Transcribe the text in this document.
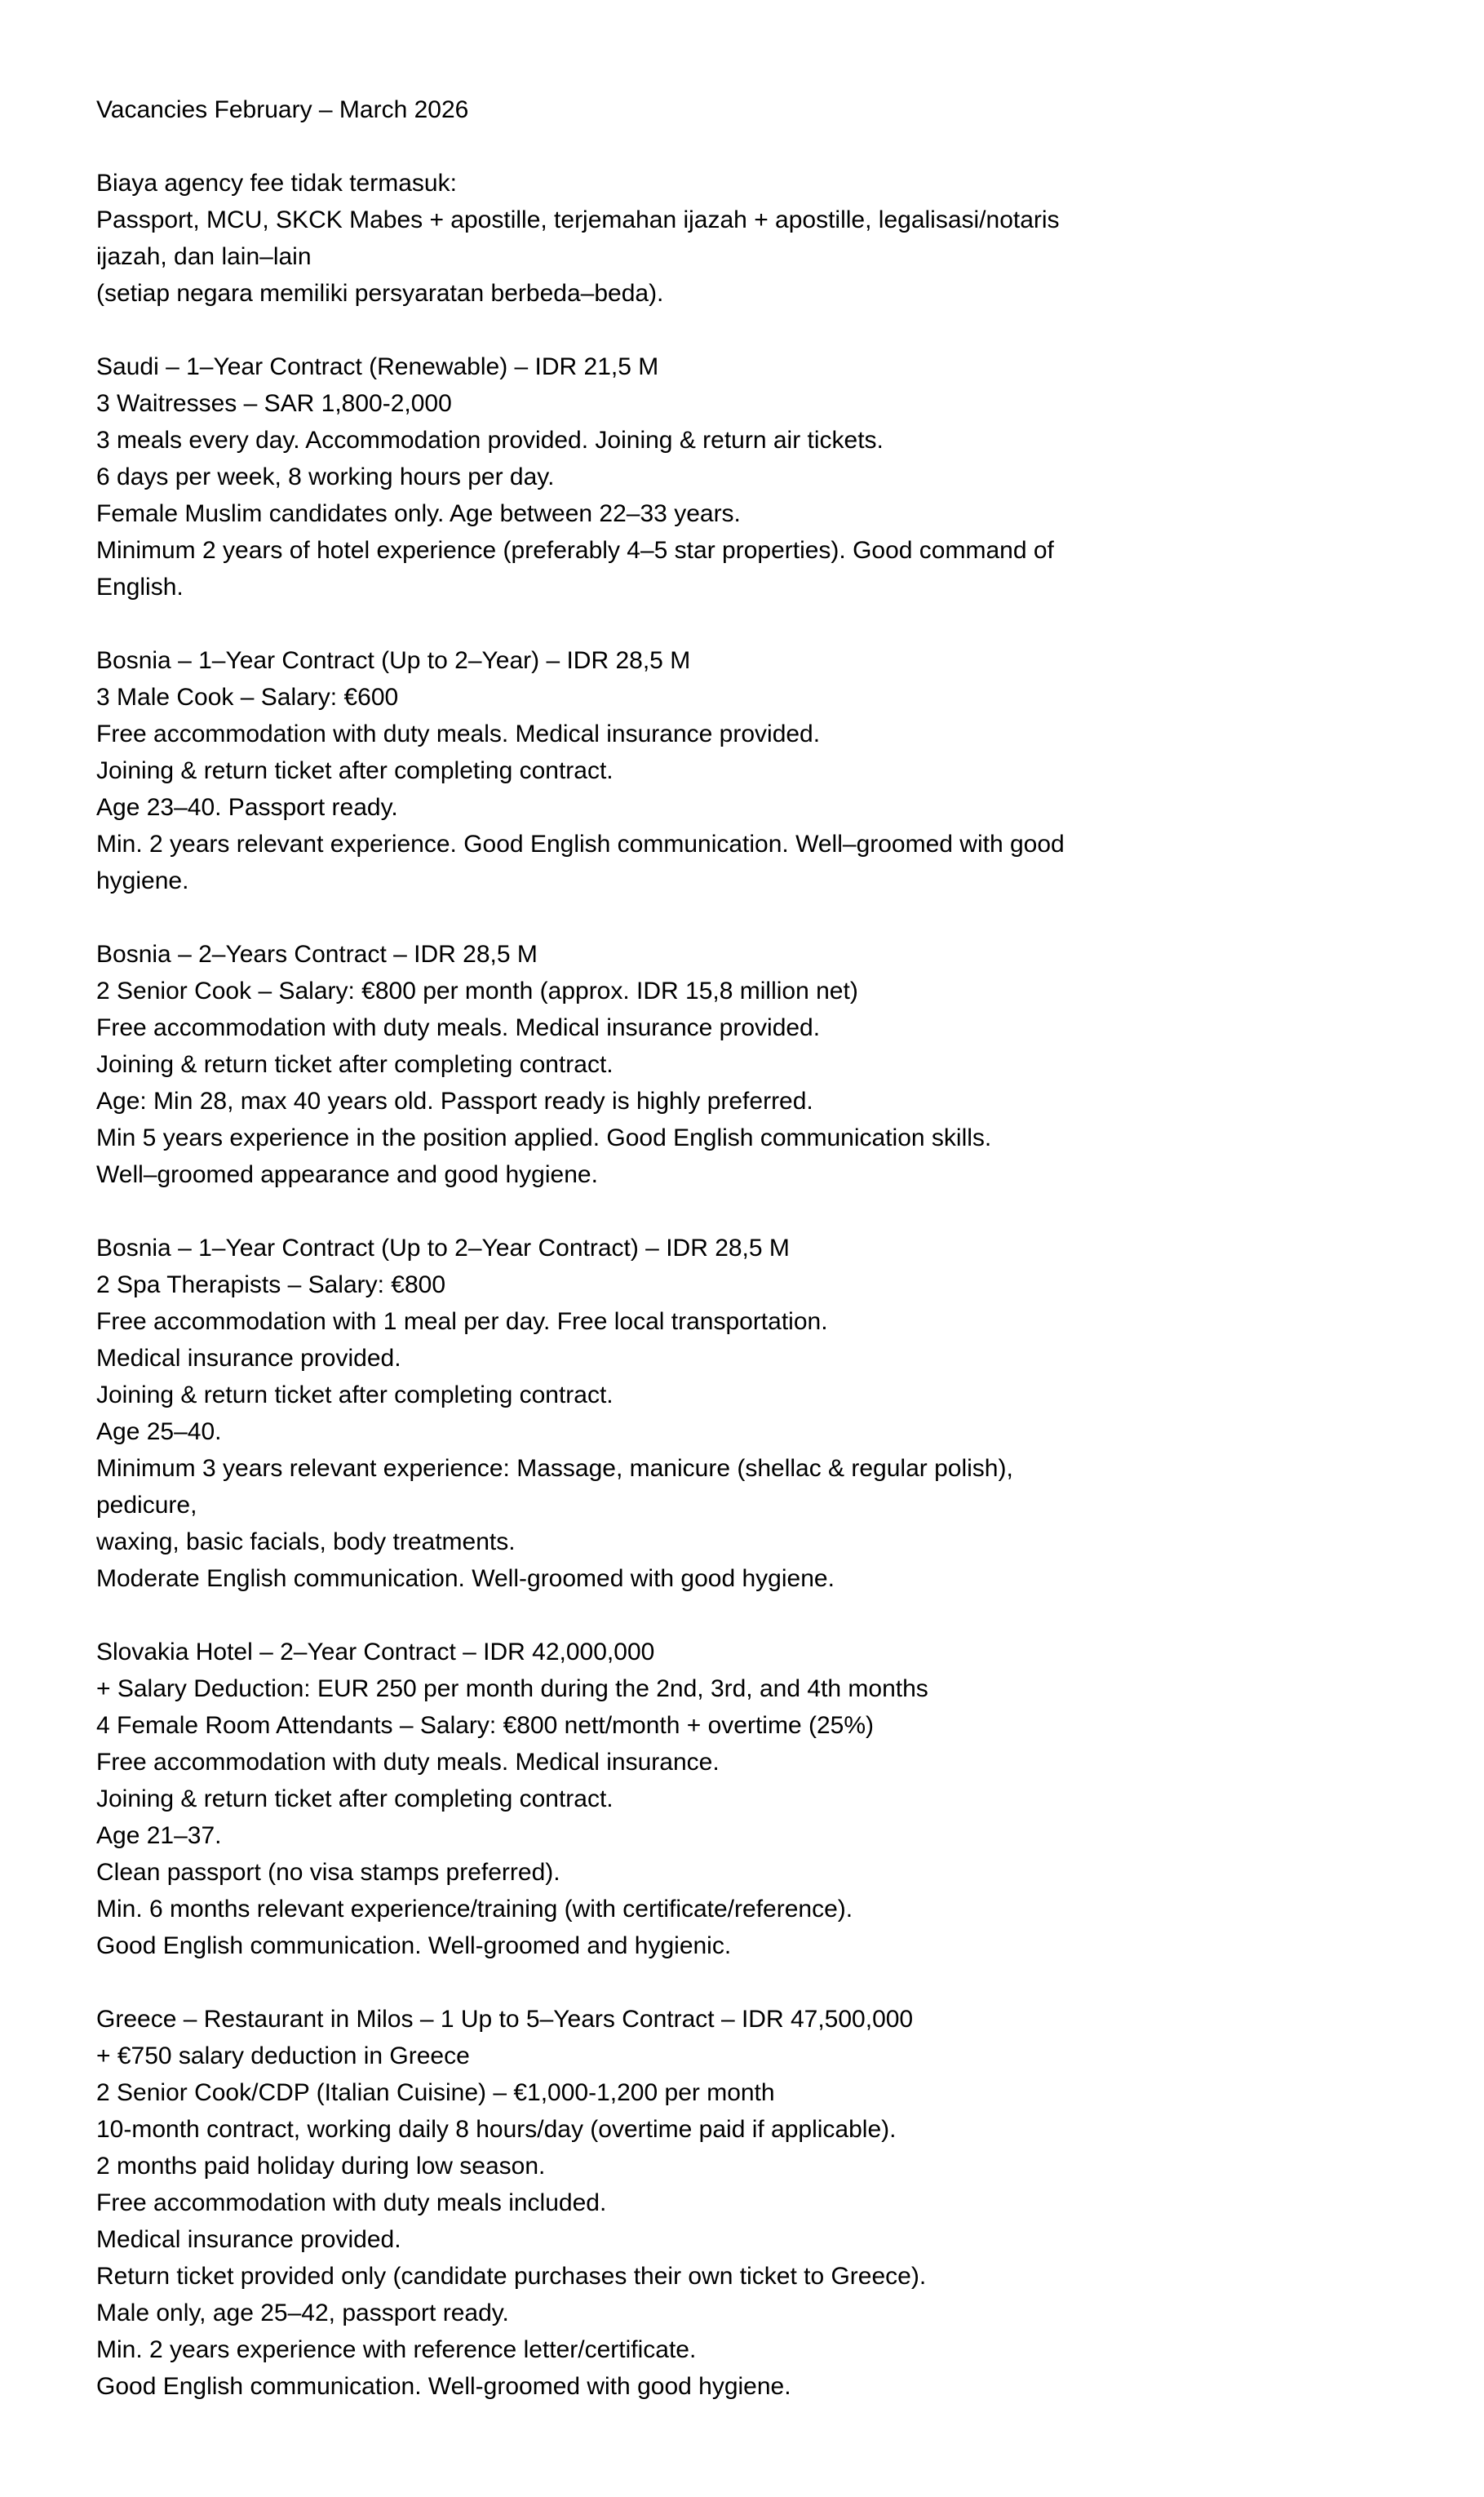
Vacancies February – March 2026
Biaya agency fee tidak termasuk:
Passport, MCU, SKCK Mabes + apostille, terjemahan ijazah + apostille, legalisasi/notaris
ijazah, dan lain–lain
(setiap negara memiliki persyaratan berbeda–beda).
Saudi – 1–Year Contract (Renewable) – IDR 21,5 M
3 Waitresses – SAR 1,800-2,000
3 meals every day. Accommodation provided. Joining & return air tickets.
6 days per week, 8 working hours per day.
Female Muslim candidates only. Age between 22–33 years.
Minimum 2 years of hotel experience (preferably 4–5 star properties). Good command of
English.
Bosnia – 1–Year Contract (Up to 2–Year) – IDR 28,5 M
3 Male Cook – Salary: €600
Free accommodation with duty meals. Medical insurance provided.
Joining & return ticket after completing contract.
Age 23–40. Passport ready.
Min. 2 years relevant experience. Good English communication. Well–groomed with good
hygiene.
Bosnia – 2–Years Contract – IDR 28,5 M
2 Senior Cook – Salary: €800 per month (approx. IDR 15,8 million net)
Free accommodation with duty meals. Medical insurance provided.
Joining & return ticket after completing contract.
Age: Min 28, max 40 years old. Passport ready is highly preferred.
Min 5 years experience in the position applied. Good English communication skills.
Well–groomed appearance and good hygiene.
Bosnia – 1–Year Contract (Up to 2–Year Contract) – IDR 28,5 M
2 Spa Therapists – Salary: €800
Free accommodation with 1 meal per day. Free local transportation.
Medical insurance provided.
Joining & return ticket after completing contract.
Age 25–40.
Minimum 3 years relevant experience: Massage, manicure (shellac & regular polish),
pedicure,
waxing, basic facials, body treatments.
Moderate English communication. Well-groomed with good hygiene.
Slovakia Hotel – 2–Year Contract – IDR 42,000,000
+ Salary Deduction: EUR 250 per month during the 2nd, 3rd, and 4th months
4 Female Room Attendants – Salary: €800 nett/month + overtime (25%)
Free accommodation with duty meals. Medical insurance.
Joining & return ticket after completing contract.
Age 21–37.
Clean passport (no visa stamps preferred).
Min. 6 months relevant experience/training (with certificate/reference).
Good English communication. Well-groomed and hygienic.
Greece – Restaurant in Milos – 1 Up to 5–Years Contract – IDR 47,500,000
+ €750 salary deduction in Greece
2 Senior Cook/CDP (Italian Cuisine) – €1,000-1,200 per month
10-month contract, working daily 8 hours/day (overtime paid if applicable).
2 months paid holiday during low season.
Free accommodation with duty meals included.
Medical insurance provided.
Return ticket provided only (candidate purchases their own ticket to Greece).
Male only, age 25–42, passport ready.
Min. 2 years experience with reference letter/certificate.
Good English communication. Well-groomed with good hygiene.
